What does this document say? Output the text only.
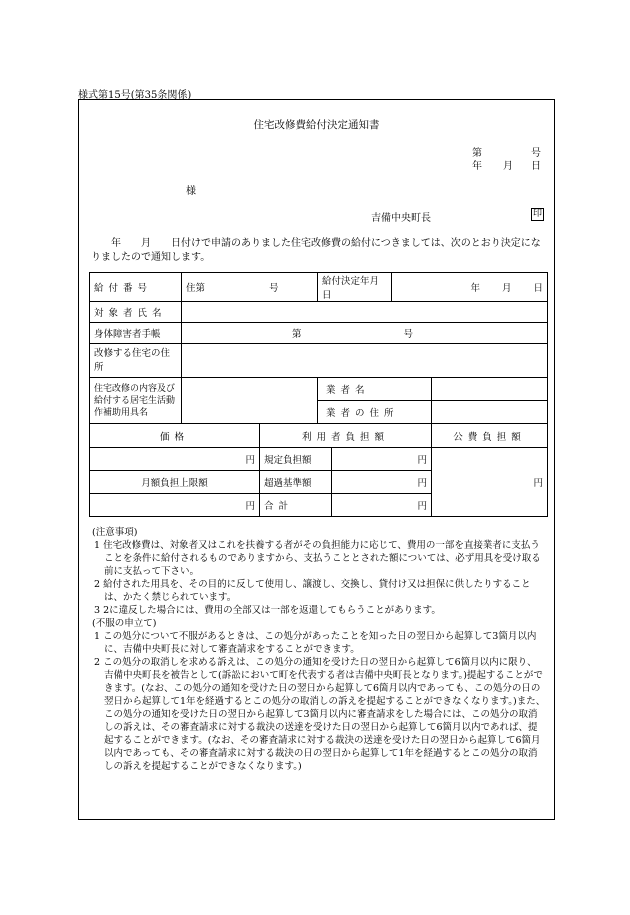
様式第15号(第35条関係)
住宅改修費給付決定通知書
第	号
年 月 日
様
吉備中央町長	印
年 月 日付けで申請のありました住宅改修費の給付につきましては、次のとおり決定になりましたので通知します。
給付番号	住第 号		給付決定年月日		年 月 日	
対象者氏名						
身体障害者手帳	第 号					
改修する住宅の住所						
住宅改修の内容及び給付する居宅生活動作補助用具名			業者名			
			業者の住所			
価格		利用者負担額				公費負担額
円		規定負担額		円		円
月額負担上限額		超過基準額		円		
円		合計		円		
(注意事項)
1 住宅改修費は、対象者又はこれを扶養する者がその負担能力に応じて、費用の一部を直接業者に支払うことを条件に給付されるものでありますから、支払うこととされた額については、必ず用具を受け取る前に支払って下さい。
2 給付された用具を、その目的に反して使用し、譲渡し、交換し、貸付け又は担保に供したりすることは、かたく禁じられています。
3 2に違反した場合には、費用の全部又は一部を返還してもらうことがあります。
(不服の申立て)
1 この処分について不服があるときは、この処分があったことを知った日の翌日から起算して3箇月以内に、吉備中央町長に対して審査請求をすることができます。
2 この処分の取消しを求める訴えは、この処分の通知を受けた日の翌日から起算して6箇月以内に限り、吉備中央町長を被告として(訴訟において町を代表する者は吉備中央町長となります。)提起することができます。(なお、この処分の通知を受けた日の翌日から起算して6箇月以内であっても、この処分の日の翌日から起算して1年を経過するとこの処分の取消しの訴えを提起することができなくなります。)また、この処分の通知を受けた日の翌日から起算して3箇月以内に審査請求をした場合には、この処分の取消しの訴えは、その審査請求に対する裁決の送達を受けた日の翌日から起算して6箇月以内であれば、提起することができます。(なお、その審査請求に対する裁決の送達を受けた日の翌日から起算して6箇月以内であっても、その審査請求に対する裁決の日の翌日から起算して1年を経過するとこの処分の取消しの訴えを提起することができなくなります。)
